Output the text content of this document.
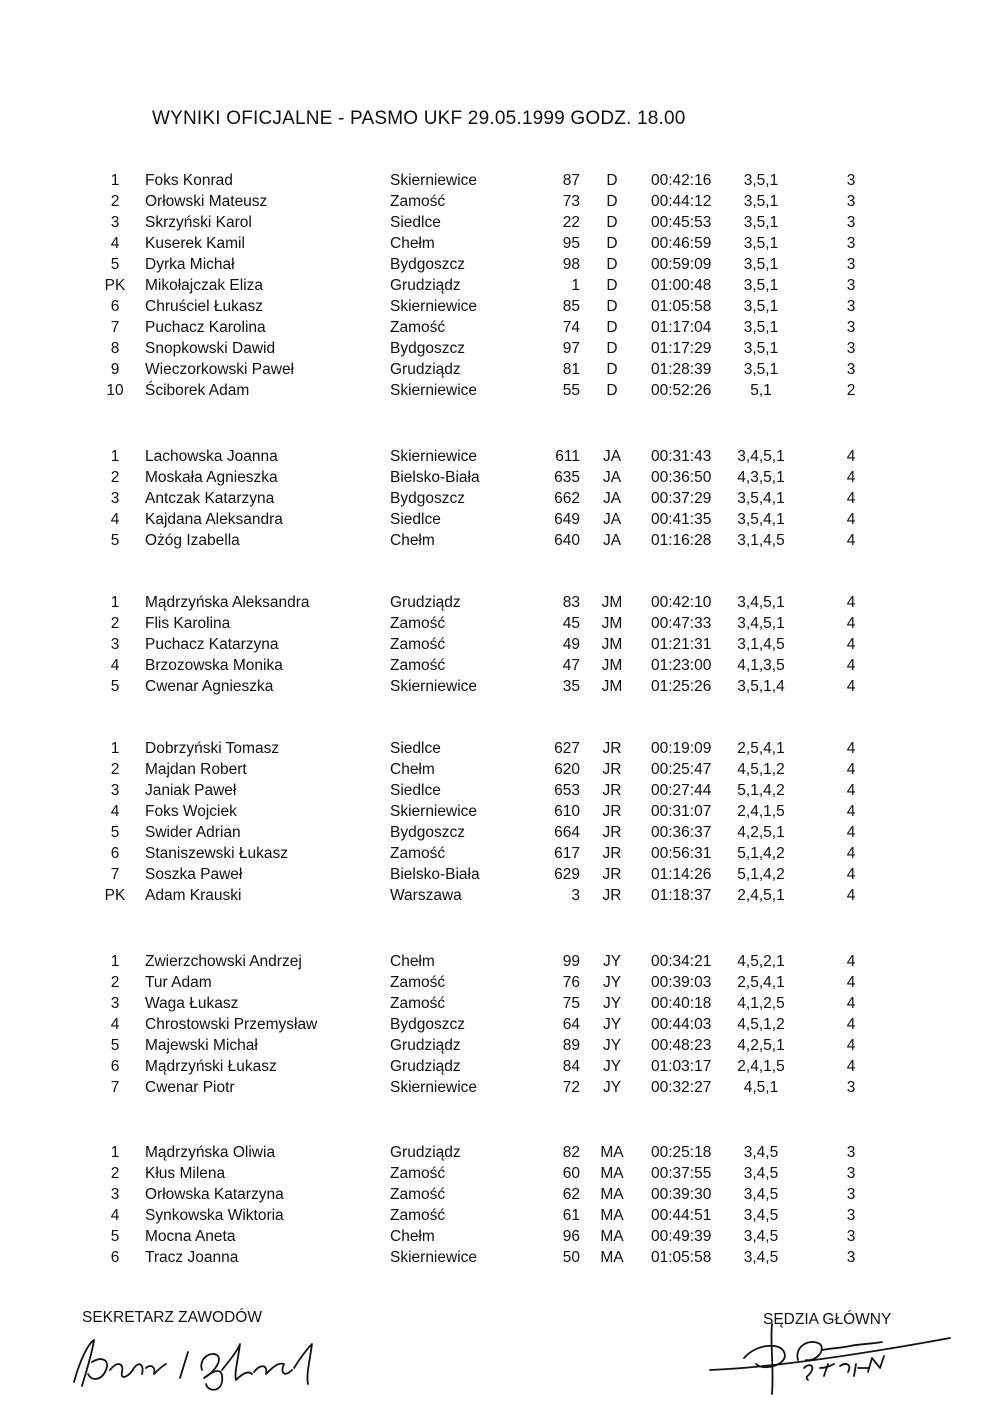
WYNIKI OFICJALNE - PASMO UKF 29.05.1999 GODZ. 18.00
1	Foks Konrad	Skierniewice	87	D	00:42:16	3,5,1	3
2	Orłowski Mateusz	Zamość	73	D	00:44:12	3,5,1	3
3	Skrzyński Karol	Siedlce	22	D	00:45:53	3,5,1	3
4	Kuserek Kamil	Chełm	95	D	00:46:59	3,5,1	3
5	Dyrka Michał	Bydgoszcz	98	D	00:59:09	3,5,1	3
PK	Mikołajczak Eliza	Grudziądz	1	D	01:00:48	3,5,1	3
6	Chruściel Łukasz	Skierniewice	85	D	01:05:58	3,5,1	3
7	Puchacz Karolina	Zamość	74	D	01:17:04	3,5,1	3
8	Snopkowski Dawid	Bydgoszcz	97	D	01:17:29	3,5,1	3
9	Wieczorkowski Paweł	Grudziądz	81	D	01:28:39	3,5,1	3
10	Ściborek Adam	Skierniewice	55	D	00:52:26	5,1	2
1	Lachowska Joanna	Skierniewice	611	JA	00:31:43	3,4,5,1	4
2	Moskała Agnieszka	Bielsko-Biała	635	JA	00:36:50	4,3,5,1	4
3	Antczak Katarzyna	Bydgoszcz	662	JA	00:37:29	3,5,4,1	4
4	Kajdana Aleksandra	Siedlce	649	JA	00:41:35	3,5,4,1	4
5	Ożóg Izabella	Chełm	640	JA	01:16:28	3,1,4,5	4
1	Mądrzyńska Aleksandra	Grudziądz	83	JM	00:42:10	3,4,5,1	4
2	Flis Karolina	Zamość	45	JM	00:47:33	3,4,5,1	4
3	Puchacz Katarzyna	Zamość	49	JM	01:21:31	3,1,4,5	4
4	Brzozowska Monika	Zamość	47	JM	01:23:00	4,1,3,5	4
5	Cwenar Agnieszka	Skierniewice	35	JM	01:25:26	3,5,1,4	4
1	Dobrzyński Tomasz	Siedlce	627	JR	00:19:09	2,5,4,1	4
2	Majdan Robert	Chełm	620	JR	00:25:47	4,5,1,2	4
3	Janiak Paweł	Siedlce	653	JR	00:27:44	5,1,4,2	4
4	Foks Wojciek	Skierniewice	610	JR	00:31:07	2,4,1,5	4
5	Swider Adrian	Bydgoszcz	664	JR	00:36:37	4,2,5,1	4
6	Staniszewski Łukasz	Zamość	617	JR	00:56:31	5,1,4,2	4
7	Soszka Paweł	Bielsko-Biała	629	JR	01:14:26	5,1,4,2	4
PK	Adam Krauski	Warszawa	3	JR	01:18:37	2,4,5,1	4
1	Zwierzchowski Andrzej	Chełm	99	JY	00:34:21	4,5,2,1	4
2	Tur Adam	Zamość	76	JY	00:39:03	2,5,4,1	4
3	Waga Łukasz	Zamość	75	JY	00:40:18	4,1,2,5	4
4	Chrostowski Przemysław	Bydgoszcz	64	JY	00:44:03	4,5,1,2	4
5	Majewski Michał	Grudziądz	89	JY	00:48:23	4,2,5,1	4
6	Mądrzyński Łukasz	Grudziądz	84	JY	01:03:17	2,4,1,5	4
7	Cwenar Piotr	Skierniewice	72	JY	00:32:27	4,5,1	3
1	Mądrzyńska Oliwia	Grudziądz	82	MA	00:25:18	3,4,5	3
2	Kłus Milena	Zamość	60	MA	00:37:55	3,4,5	3
3	Orłowska Katarzyna	Zamość	62	MA	00:39:30	3,4,5	3
4	Synkowska Wiktoria	Zamość	61	MA	00:44:51	3,4,5	3
5	Mocna Aneta	Chełm	96	MA	00:49:39	3,4,5	3
6	Tracz Joanna	Skierniewice	50	MA	01:05:58	3,4,5	3
SEKRETARZ ZAWODÓW	SĘDZIA GŁÓWNY
